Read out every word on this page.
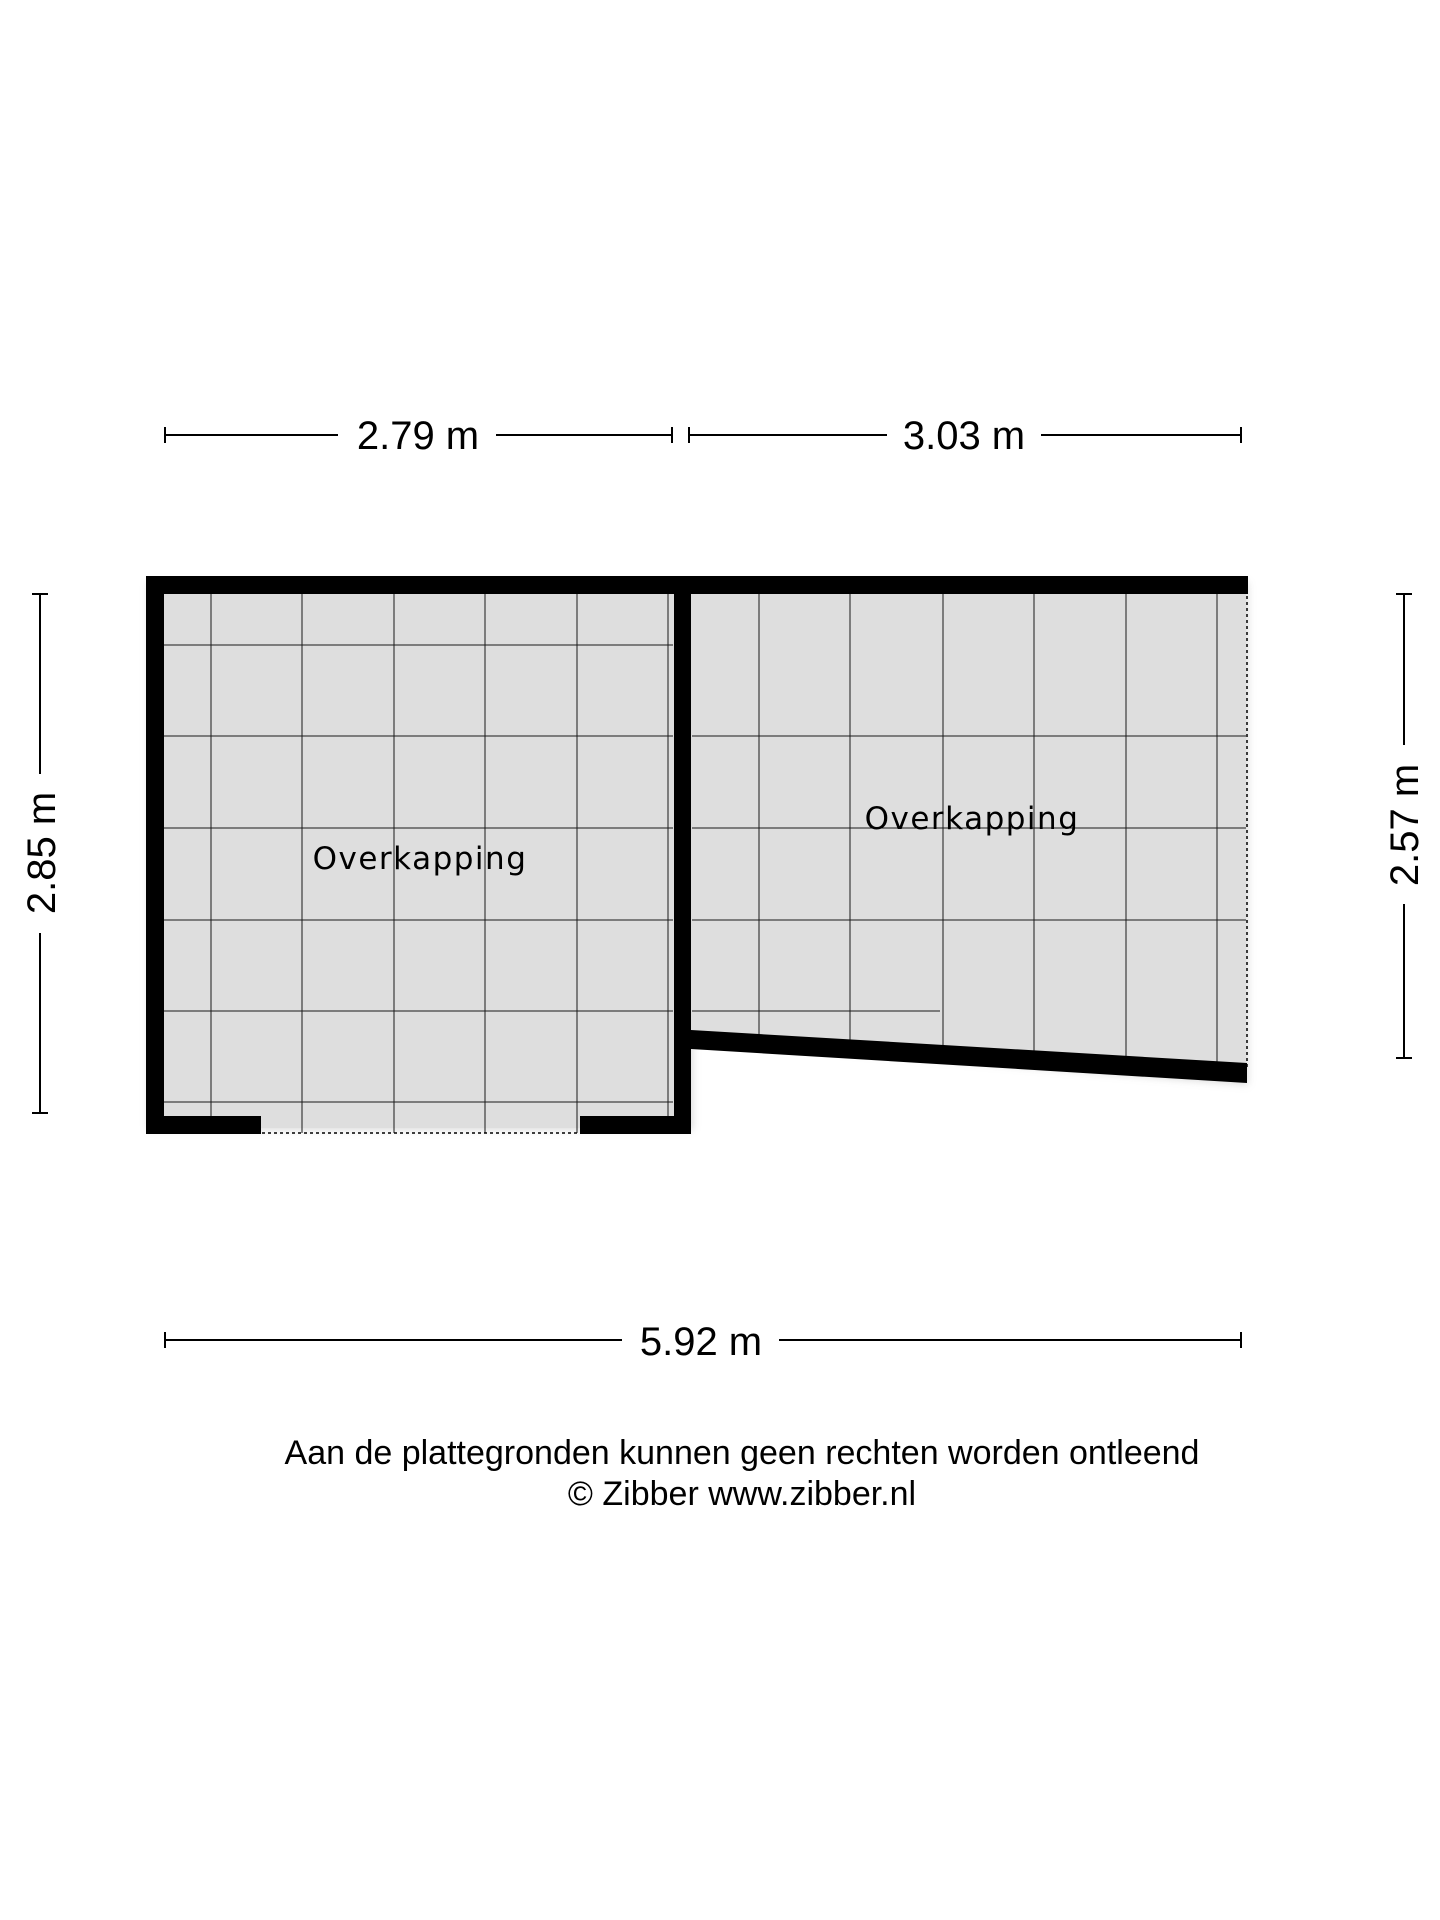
Overkapping
Overkapping
2.79 m	3.03 m
2.85 m	2.57 m
5.92 m
Aan de plattegronden kunnen geen rechten worden ontleend
© Zibber www.zibber.nl
